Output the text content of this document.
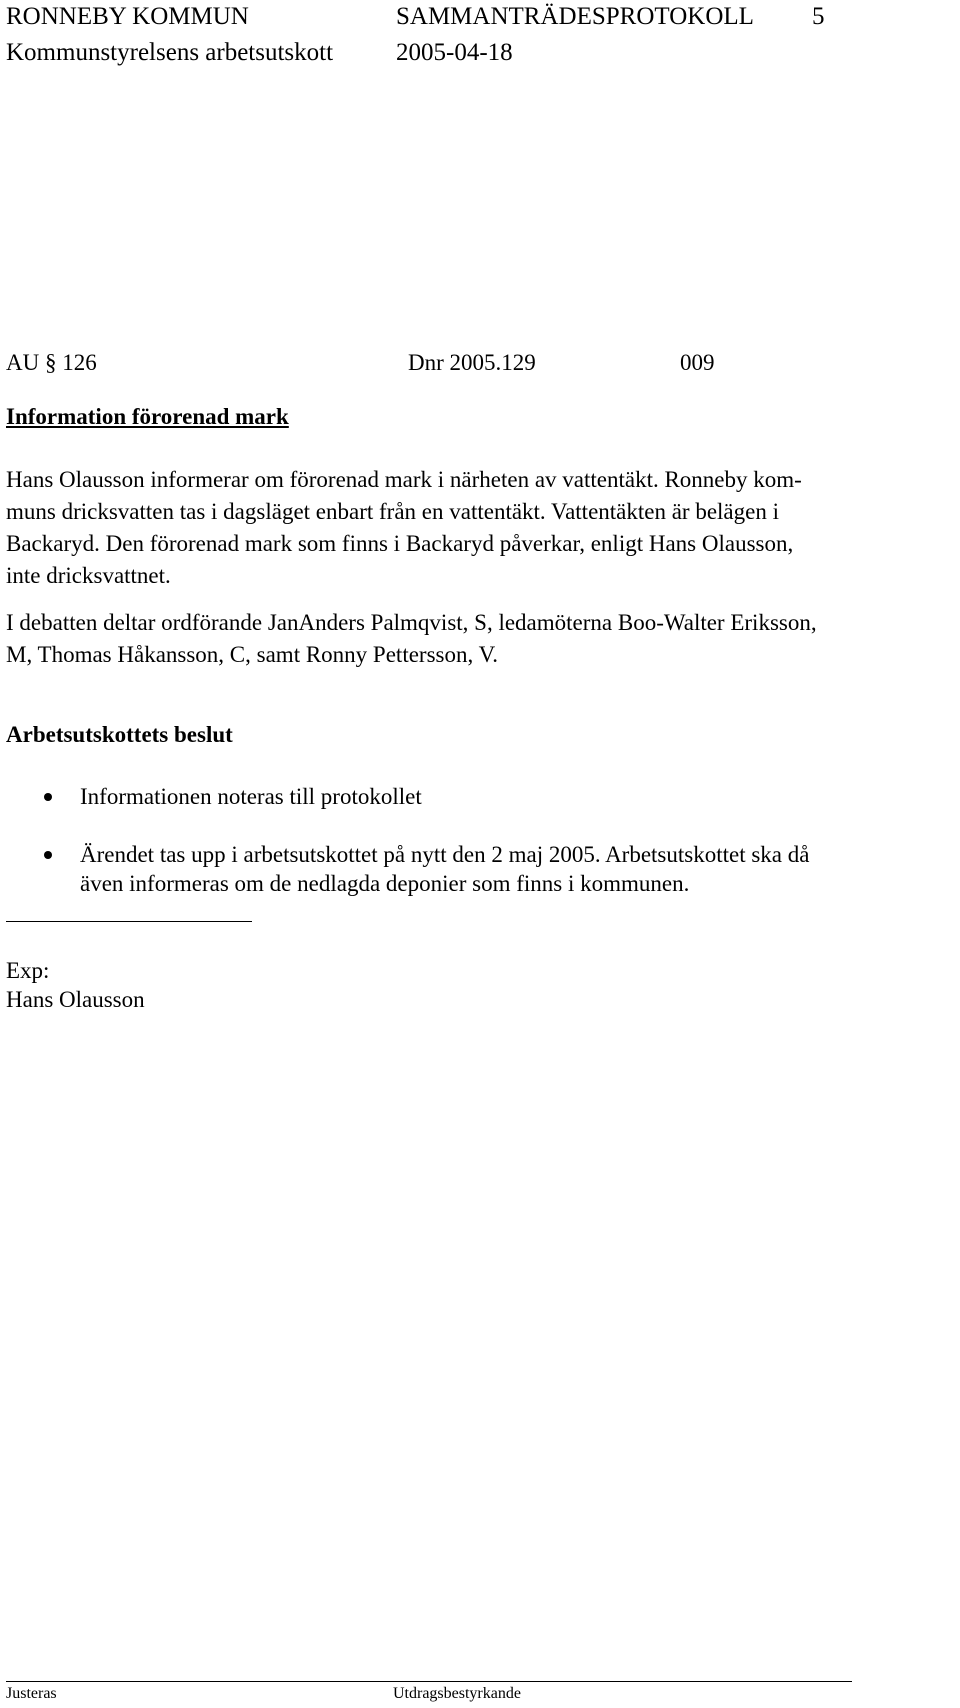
RONNEBY KOMMUN	SAMMANTRÄDESPROTOKOLL 5
Kommunstyrelsens arbetsutskott	2005-04-18
AU § 126	Dnr 2005.129	009
Information förorenad mark
Hans Olausson informerar om förorenad mark i närheten av vattentäkt. Ronneby kom-
muns dricksvatten tas i dagsläget enbart från en vattentäkt. Vattentäkten är belägen i
Backaryd. Den förorenad mark som finns i Backaryd påverkar, enligt Hans Olausson,
inte dricksvattnet.
I debatten deltar ordförande JanAnders Palmqvist, S, ledamöterna Boo-Walter Eriksson,
M, Thomas Håkansson, C, samt Ronny Pettersson, V.
Arbetsutskottets beslut
Informationen noteras till protokollet
Ärendet tas upp i arbetsutskottet på nytt den 2 maj 2005. Arbetsutskottet ska då
även informeras om de nedlagda deponier som finns i kommunen.
Exp:
Hans Olausson
Justeras	Utdragsbestyrkande
